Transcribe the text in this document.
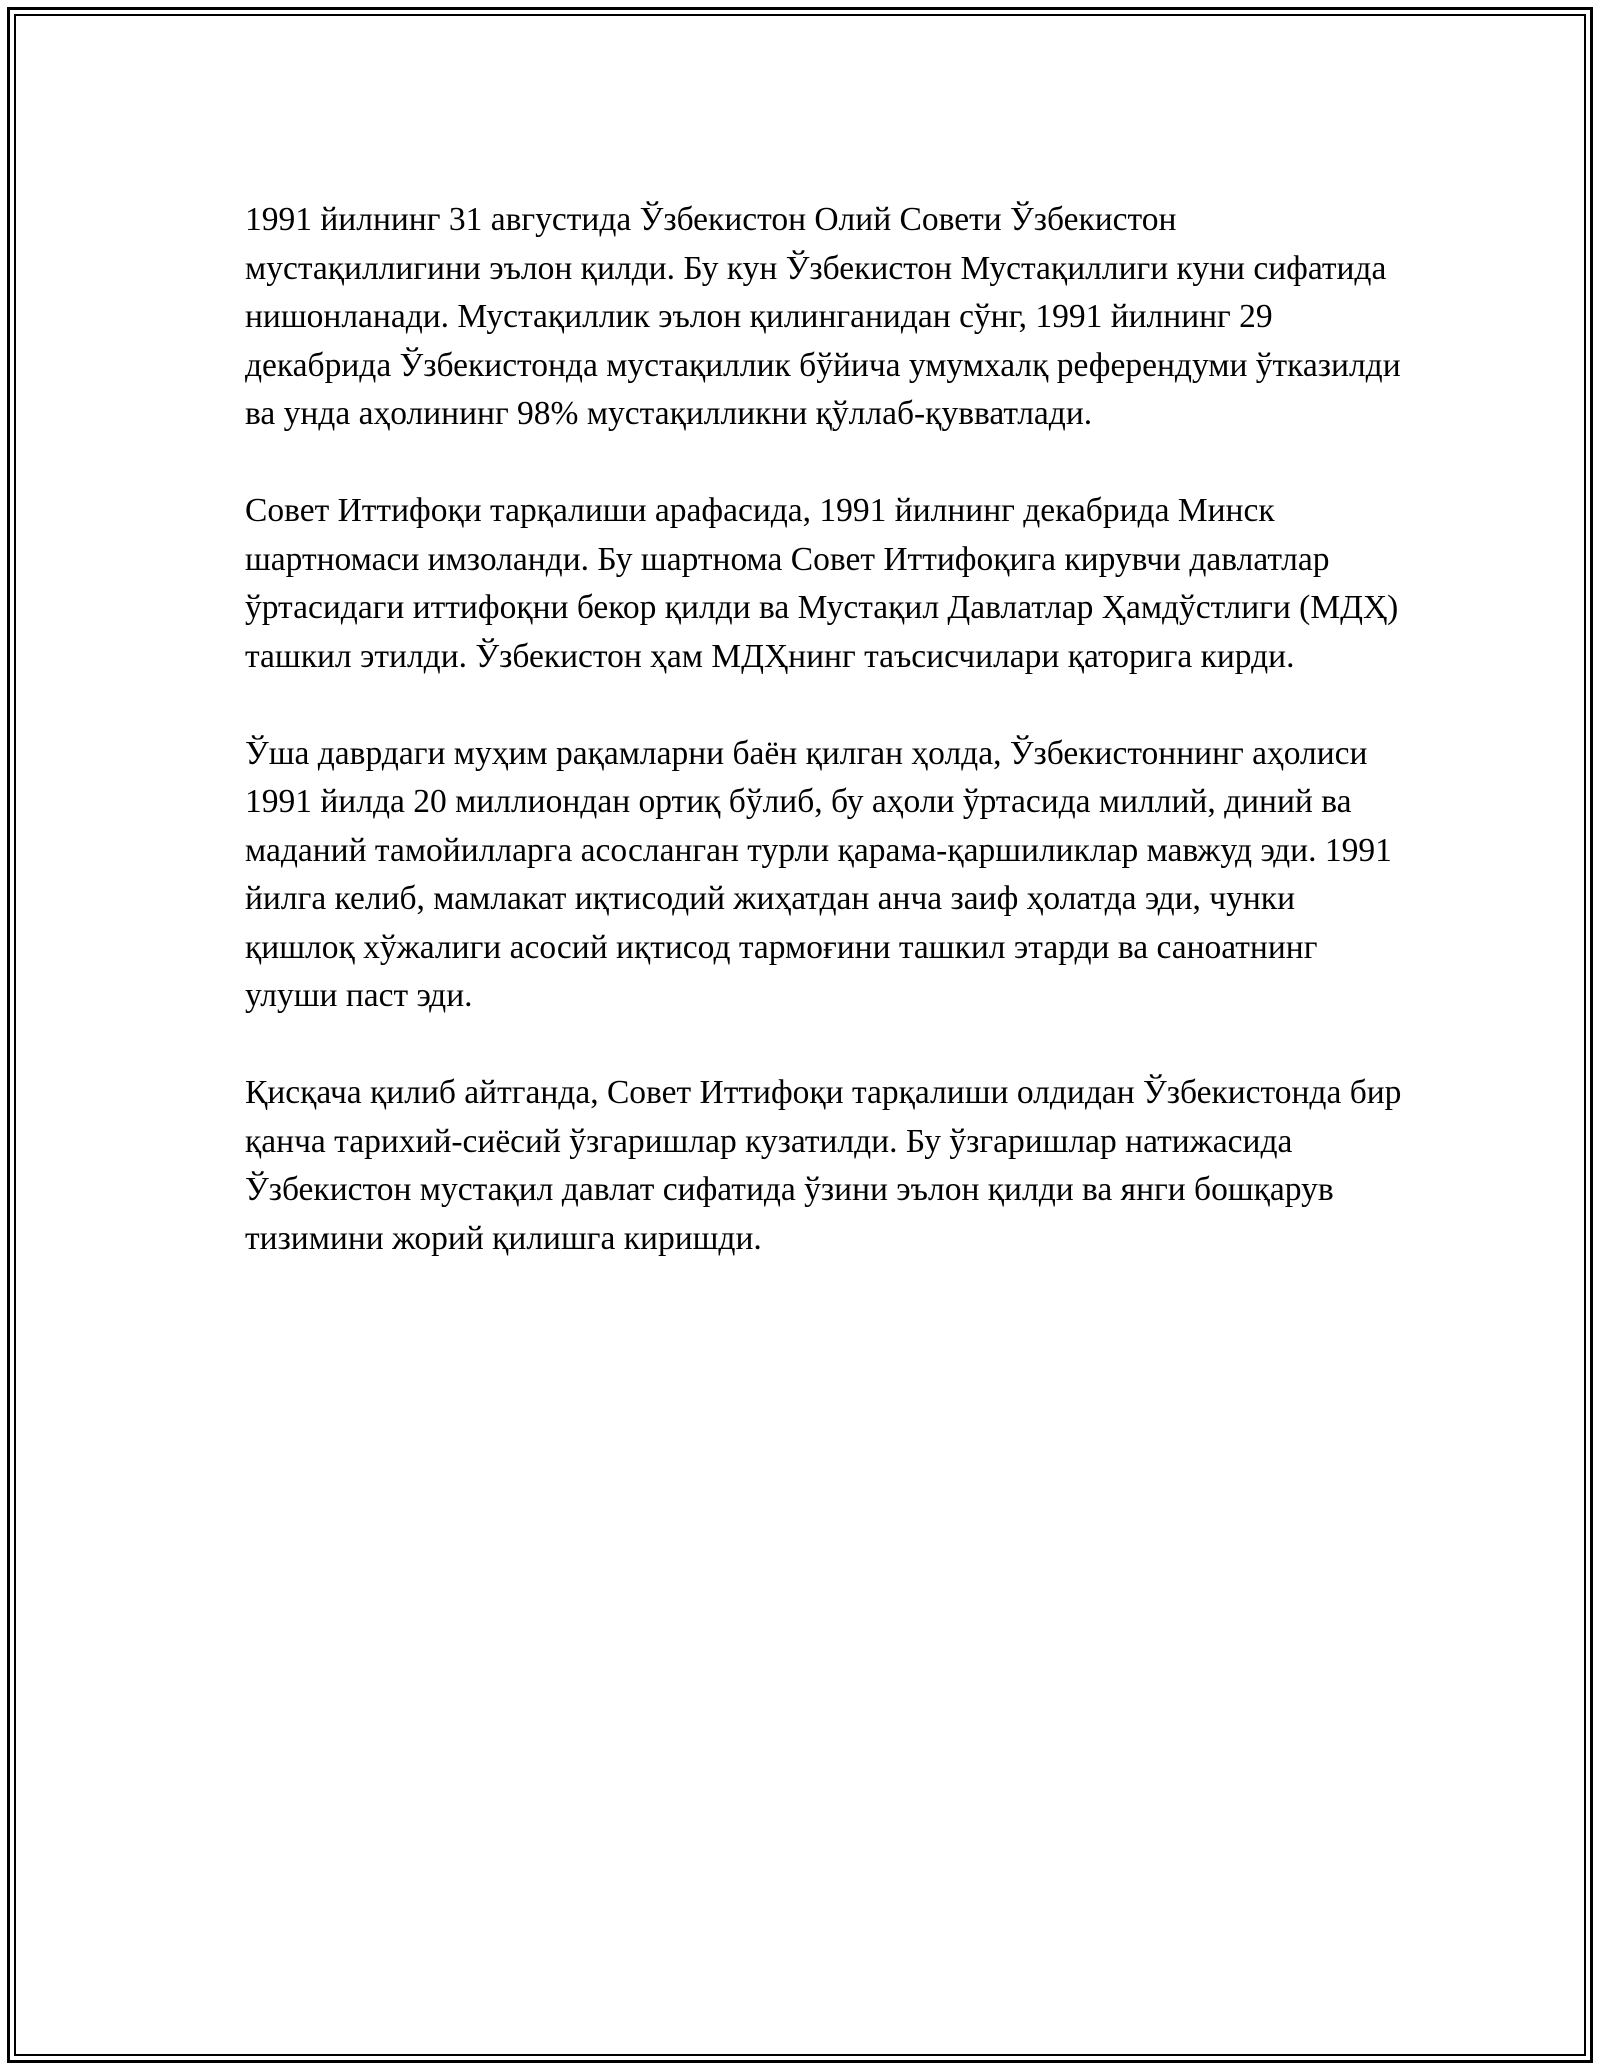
1991 йилнинг 31 августида Ўзбекистон Олий Совети Ўзбекистон мустақиллигини эълон қилди. Бу кун Ўзбекистон Мустақиллиги куни сифатида нишонланади. Мустақиллик эълон қилинганидан сўнг, 1991 йилнинг 29 декабрида Ўзбекистонда мустақиллик бўйича умумхалқ референдуми ўтказилди ва унда аҳолининг 98% мустақилликни қўллаб-қувватлади.

Совет Иттифоқи тарқалиши арафасида, 1991 йилнинг декабрида Минск шартномаси имзоланди. Бу шартнома Совет Иттифоқига кирувчи давлатлар ўртасидаги иттифоқни бекор қилди ва Мустақил Давлатлар Ҳамдўстлиги (МДҲ) ташкил этилди. Ўзбекистон ҳам МДҲнинг таъсисчилари қаторига кирди.

Ўша даврдаги муҳим рақамларни баён қилган ҳолда, Ўзбекистоннинг аҳолиси 1991 йилда 20 миллиондан ортиқ бўлиб, бу аҳоли ўртасида миллий, диний ва маданий тамойилларга асосланган турли қарама-қаршиликлар мавжуд эди. 1991 йилга келиб, мамлакат иқтисодий жиҳатдан анча заиф ҳолатда эди, чунки қишлоқ хўжалиги асосий иқтисод тармоғини ташкил этарди ва саноатнинг улуши паст эди.

Қисқача қилиб айтганда, Совет Иттифоқи тарқалиши олдидан Ўзбекистонда бир қанча тарихий-сиёсий ўзгаришлар кузатилди. Бу ўзгаришлар натижасида Ўзбекистон мустақил давлат сифатида ўзини эълон қилди ва янги бошқарув тизимини жорий қилишга киришди.
